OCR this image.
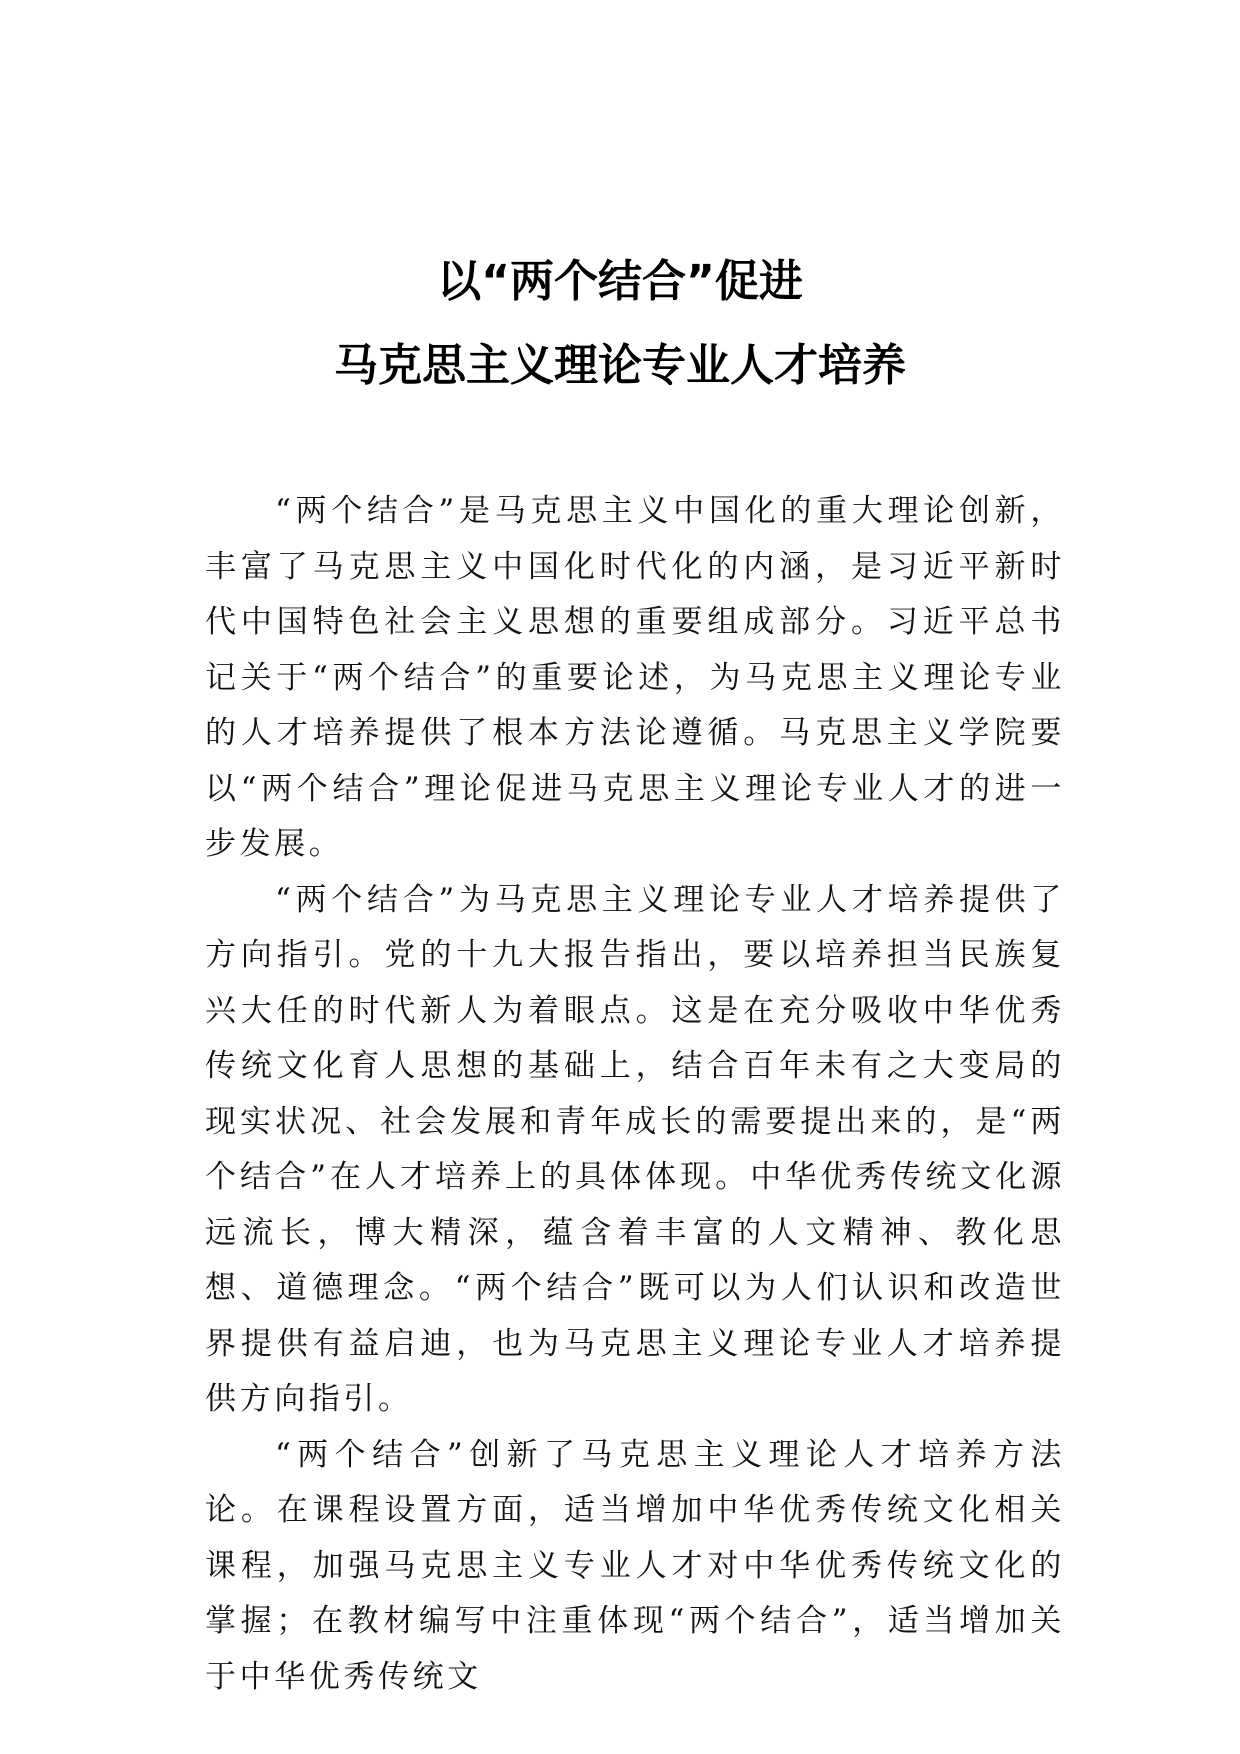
以“两个结合”促进
马克思主义理论专业人才培养

“两个结合”是马克思主义中国化的重大理论创新，丰富了马克思主义中国化时代化的内涵，是习近平新时代中国特色社会主义思想的重要组成部分。习近平总书记关于“两个结合”的重要论述，为马克思主义理论专业的人才培养提供了根本方法论遵循。马克思主义学院要以“两个结合”理论促进马克思主义理论专业人才的进一步发展。

“两个结合”为马克思主义理论专业人才培养提供了方向指引。党的十九大报告指出，要以培养担当民族复兴大任的时代新人为着眼点。这是在充分吸收中华优秀传统文化育人思想的基础上，结合百年未有之大变局的现实状况、社会发展和青年成长的需要提出来的，是“两个结合”在人才培养上的具体体现。中华优秀传统文化源远流长，博大精深，蕴含着丰富的人文精神、教化思想、道德理念。“两个结合”既可以为人们认识和改造世界提供有益启迪，也为马克思主义理论专业人才培养提供方向指引。

“两个结合”创新了马克思主义理论人才培养方法论。在课程设置方面，适当增加中华优秀传统文化相关课程，加强马克思主义专业人才对中华优秀传统文化的掌握；在教材编写中注重体现“两个结合”，适当增加关于中华优秀传统文
